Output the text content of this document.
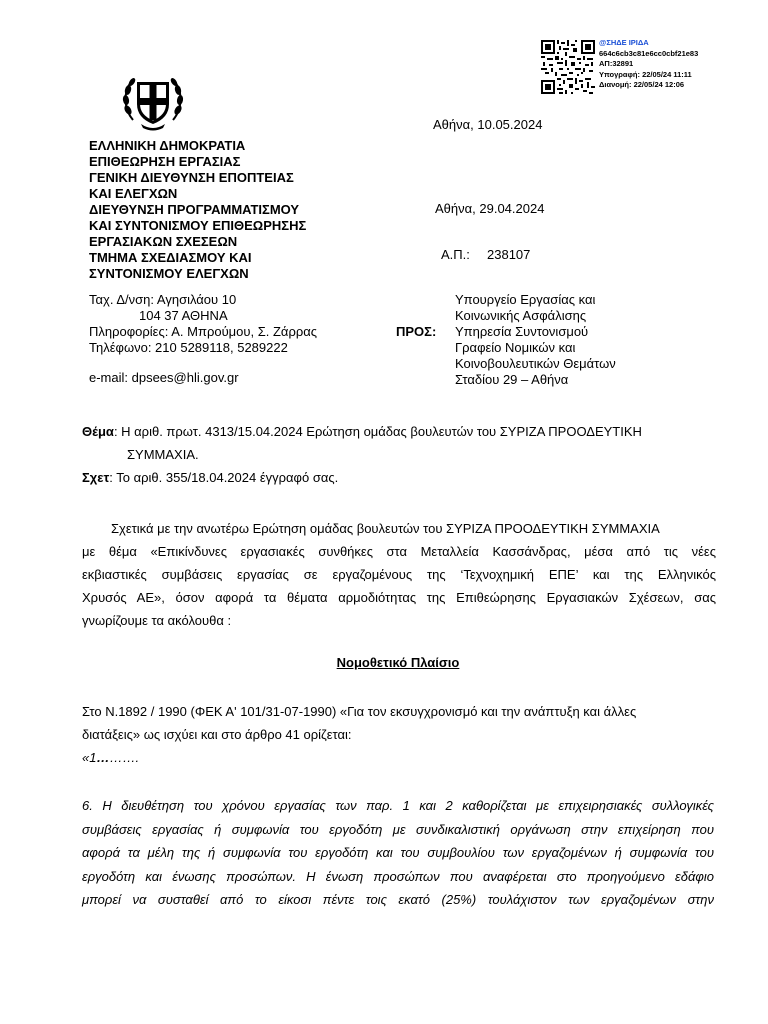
@ΣΗΔΕ ΙΡΙΔΑ
664c6cb3c81e6cc0cbf21e83
ΑΠ:32891
Υπογραφή: 22/05/24 11:11
Διανομή: 22/05/24 12:06
Αθήνα, 10.05.2024
ΕΛΛΗΝΙΚΗ ΔΗΜΟΚΡΑΤΙΑ
ΕΠΙΘΕΩΡΗΣΗ ΕΡΓΑΣΙΑΣ
ΓΕΝΙΚΗ ΔΙΕΥΘΥΝΣΗ ΕΠΟΠΤΕΙΑΣ
ΚΑΙ ΕΛΕΓΧΩΝ
ΔΙΕΥΘΥΝΣΗ ΠΡΟΓΡΑΜΜΑΤΙΣΜΟΥ
ΚΑΙ ΣΥΝΤΟΝΙΣΜΟΥ ΕΠΙΘΕΩΡΗΣΗΣ
ΕΡΓΑΣΙΑΚΩΝ ΣΧΕΣΕΩΝ
ΤΜΗΜΑ ΣΧΕΔΙΑΣΜΟΥ ΚΑΙ
ΣΥΝΤΟΝΙΣΜΟΥ ΕΛΕΓΧΩΝ
Αθήνα, 29.04.2024
Α.Π.: 238107
Ταχ. Δ/νση: Αγησιλάου 10
104 37 ΑΘΗΝΑ
Πληροφορίες: Α. Μπρούμου, Σ. Ζάρρας
Τηλέφωνο: 210 5289118, 5289222
e-mail: dpsees@hli.gov.gr
ΠΡΟΣ:
Υπουργείο Εργασίας και
Κοινωνικής Ασφάλισης
Υπηρεσία Συντονισμού
Γραφείο Νομικών και
Κοινοβουλευτικών Θεμάτων
Σταδίου 29 – Αθήνα
Θέμα: Η αριθ. πρωτ. 4313/15.04.2024 Ερώτηση ομάδας βουλευτών του ΣΥΡΙΖΑ ΠΡΟΟΔΕΥΤΙΚΗ
ΣΥΜΜΑΧΙΑ.
Σχετ: Το αριθ. 355/18.04.2024 έγγραφό σας.
Σχετικά με την ανωτέρω Ερώτηση ομάδας βουλευτών του ΣΥΡΙΖΑ ΠΡΟΟΔΕΥΤΙΚΗ ΣΥΜΜΑΧΙΑ
με θέμα «Επικίνδυνες εργασιακές συνθήκες στα Μεταλλεία Κασσάνδρας, μέσα από τις νέες
εκβιαστικές συμβάσεις εργασίας σε εργαζομένους της ‘Τεχνοχημική ΕΠΕ’ και της Ελληνικός
Χρυσός ΑΕ», όσον αφορά τα θέματα αρμοδιότητας της Επιθεώρησης Εργασιακών Σχέσεων, σας
γνωρίζουμε τα ακόλουθα :
Νομοθετικό Πλαίσιο
Στο Ν.1892 / 1990 (ΦΕΚ Α' 101/31-07-1990) «Για τον εκσυγχρονισμό και την ανάπτυξη και άλλες
διατάξεις» ως ισχύει και στο άρθρο 41 ορίζεται:
«1……….
6. Η διευθέτηση του χρόνου εργασίας των παρ. 1 και 2 καθορίζεται με επιχειρησιακές συλλογικές
συμβάσεις εργασίας ή συμφωνία του εργοδότη με συνδικαλιστική οργάνωση στην επιχείρηση που
αφορά τα μέλη της ή συμφωνία του εργοδότη και του συμβουλίου των εργαζομένων ή συμφωνία του
εργοδότη και ένωσης προσώπων. Η ένωση προσώπων που αναφέρεται στο προηγούμενο εδάφιο
μπορεί να συσταθεί από το είκοσι πέντε τοις εκατό (25%) τουλάχιστον των εργαζομένων στην
